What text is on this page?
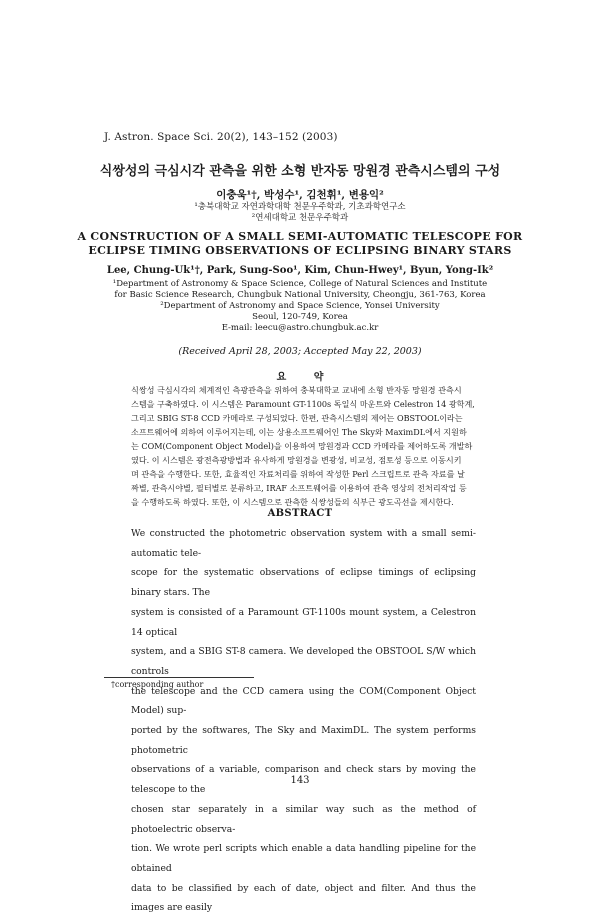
J. Astron. Space Sci. 20(2), 143–152 (2003)
식쌍성의 극심시각 관측을 위한 소형 반자동 망원경 관측시스템의 구성
이충욱¹†, 박성수¹, 김천휘¹, 변용익²
¹충북대학교 자연과학대학 천문우주학과, 기초과학연구소
²연세대학교 천문우주학과
A CONSTRUCTION OF A SMALL SEMI-AUTOMATIC TELESCOPE FOR
ECLIPSE TIMING OBSERVATIONS OF ECLIPSING BINARY STARS
Lee, Chung-Uk¹†, Park, Sung-Soo¹, Kim, Chun-Hwey¹, Byun, Yong-Ik²
¹Department of Astronomy & Space Science, College of Natural Sciences and Institute
for Basic Science Research, Chungbuk National University, Cheongju, 361-763, Korea
²Department of Astronomy and Space Science, Yonsei University
Seoul, 120-749, Korea
E-mail: leecu@astro.chungbuk.ac.kr
(Received April 28, 2003; Accepted May 22, 2003)
요 약

식쌍성 극심시각의 체계적인 측광관측을 위하여 충북대학교 교내에 소형 반자동 망원경 관측시

스템을 구축하였다. 이 시스템은 Paramount GT-1100s 독일식 마운트와 Celestron 14 광학계,

그리고 SBIG ST-8 CCD 카메라로 구성되었다. 한편, 관측시스템의 제어는 OBSTOOL이라는

소프트웨어에 의하여 이루어지는데, 이는 상용소프트웨어인 The Sky와 MaximDL에서 지원하

는 COM(Component Object Model)을 이용하여 망원경과 CCD 카메라를 제어하도록 개발하

였다. 이 시스템은 광전측광방법과 유사하게 망원경을 변광성, 비교성, 점토성 등으로 이동시키

며 관측을 수행한다. 또한, 효율적인 자료처리를 위하여 작성한 Perl 스크립트로 관측 자료를 날

짜별, 관측시야별, 필터별로 분류하고, IRAF 소프트웨어를 이용하여 관측 영상의 전처리작업 등

을 수행하도록 하였다. 또한, 이 시스템으로 관측한 식쌍성들의 식부근 광도곡선을 제시한다.

ABSTRACT

We constructed the photometric observation system with a small semi-automatic tele-

scope for the systematic observations of eclipse timings of eclipsing binary stars. The

system is consisted of a Paramount GT-1100s mount system, a Celestron 14 optical

system, and a SBIG ST-8 camera. We developed the OBSTOOL S/W which controls

the telescope and the CCD camera using the COM(Component Object Model) sup-

ported by the softwares, The Sky and MaximDL. The system performs photometric

observations of a variable, comparison and check stars by moving the telescope to the

chosen star separately in a similar way such as the method of photoelectric observa-

tion. We wrote perl scripts which enable a data handling pipeline for the obtained

data to be classified by each of date, object and filter. And thus the images are easily

†corresponding author
143
